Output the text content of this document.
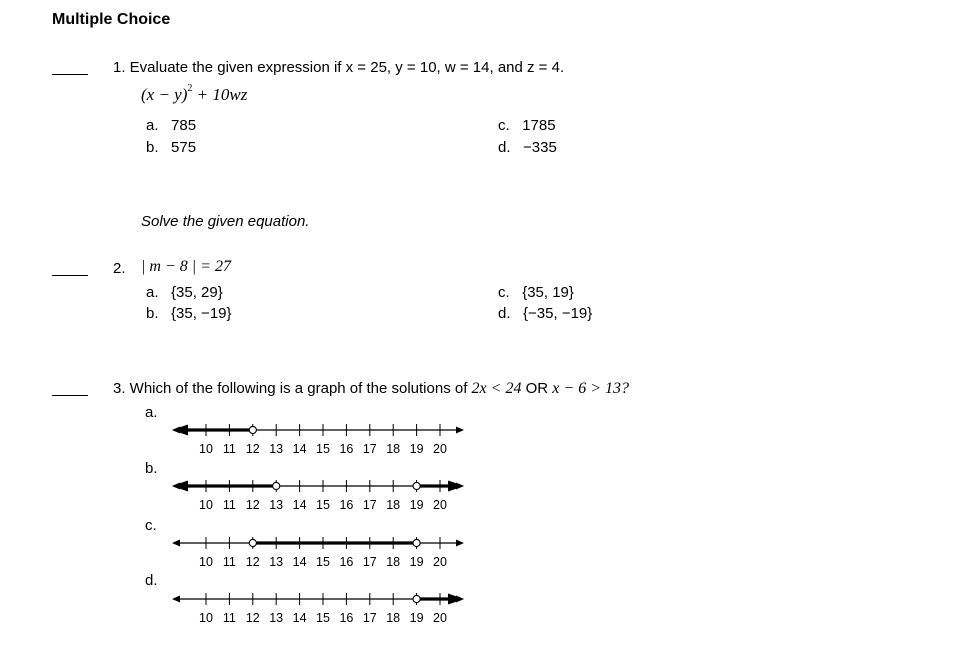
Multiple Choice
1. Evaluate the given expression if x = 25, y = 10, w = 14, and z = 4.
$(x - y)^2 + 10wz$
a. 785
b. 575
c. 1785
d. −335
Solve the given equation.
2. | m − 8 | = 27
a. {35, 29}
b. {35, −19}
c. {35, 19}
d. {−35, −19}
3. Which of the following is a graph of the solutions of 2x < 24 OR x − 6 > 13?
a.
10 11 12 13 14 15 16 17 18 19 20
b.
10 11 12 13 14 15 16 17 18 19 20
c.
10 11 12 13 14 15 16 17 18 19 20
d.
10 11 12 13 14 15 16 17 18 19 20
